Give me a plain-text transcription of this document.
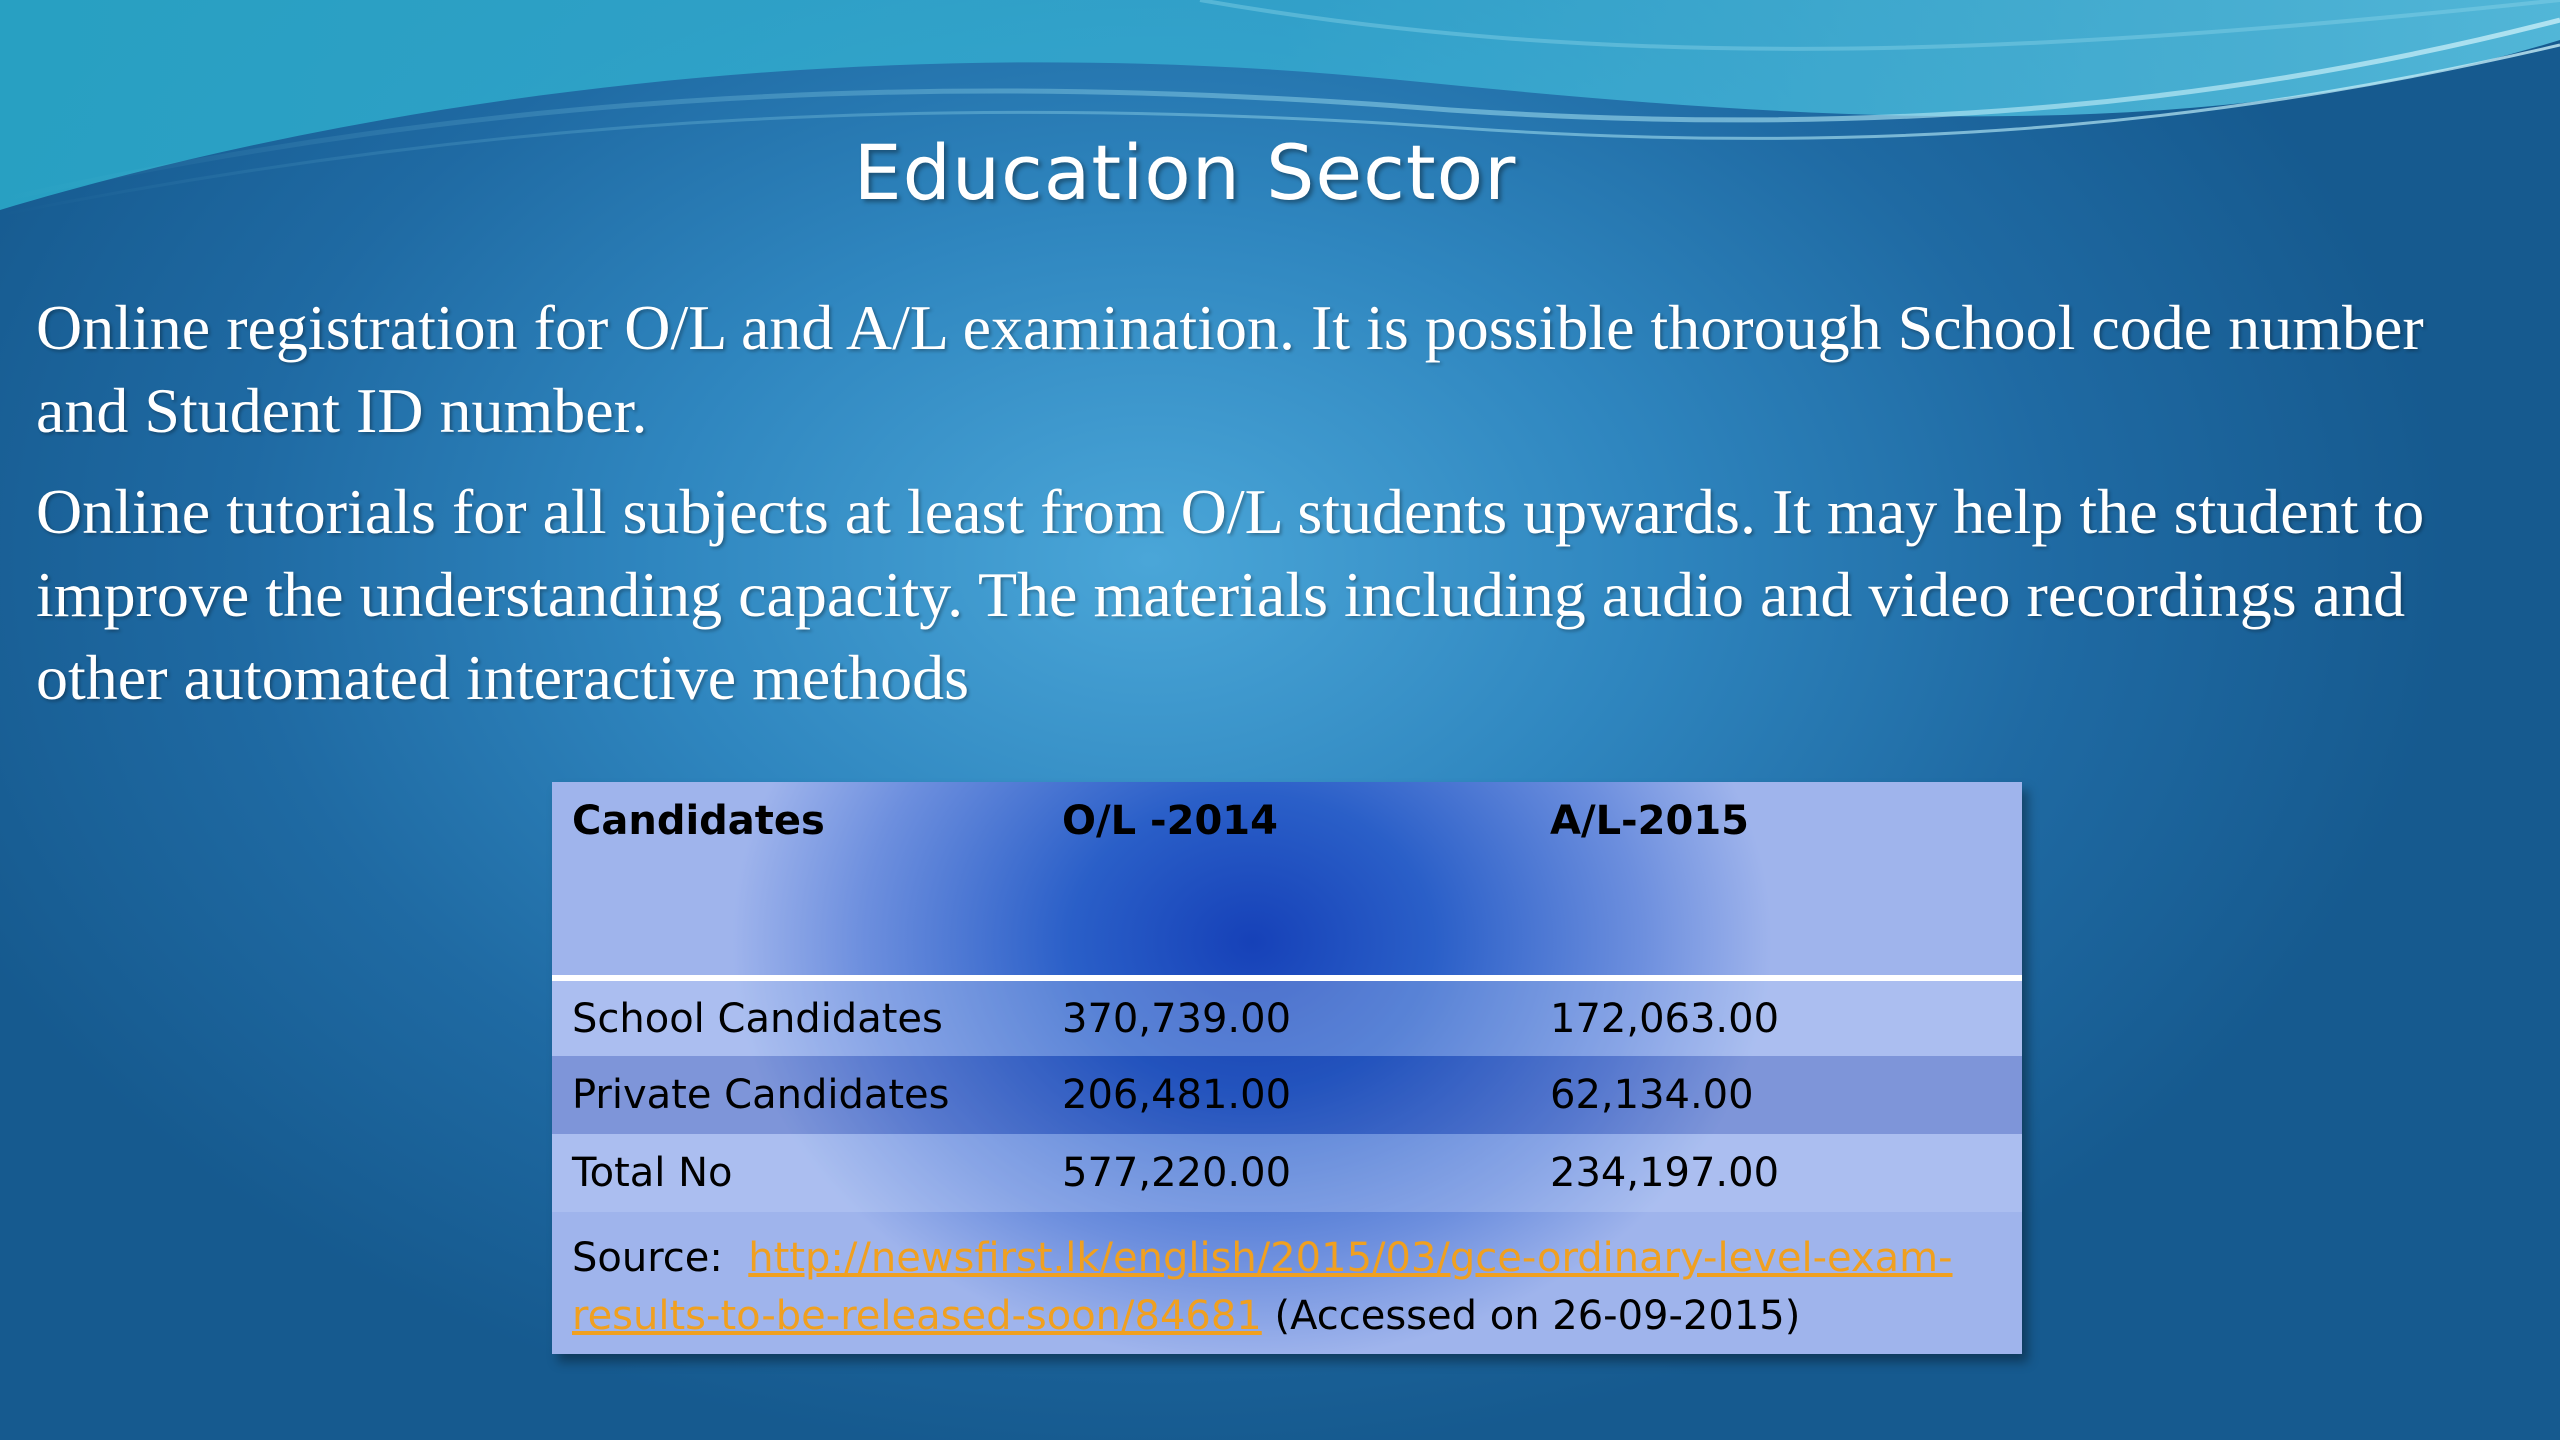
Education Sector

Online registration for O/L and A/L examination. It is possible thorough School code number and Student ID number.

Online tutorials for all subjects at least from O/L students upwards. It may help the student to improve the understanding capacity. The materials including audio and video recordings and other automated interactive methods

Candidates	O/L -2014	A/L-2015
School Candidates	370,739.00	172,063.00
Private Candidates	206,481.00	62,134.00
Total No	577,220.00	234,197.00
Source: http://newsfirst.lk/english/2015/03/gce-ordinary-level-exam-results-to-be-released-soon/84681 (Accessed on 26-09-2015)
